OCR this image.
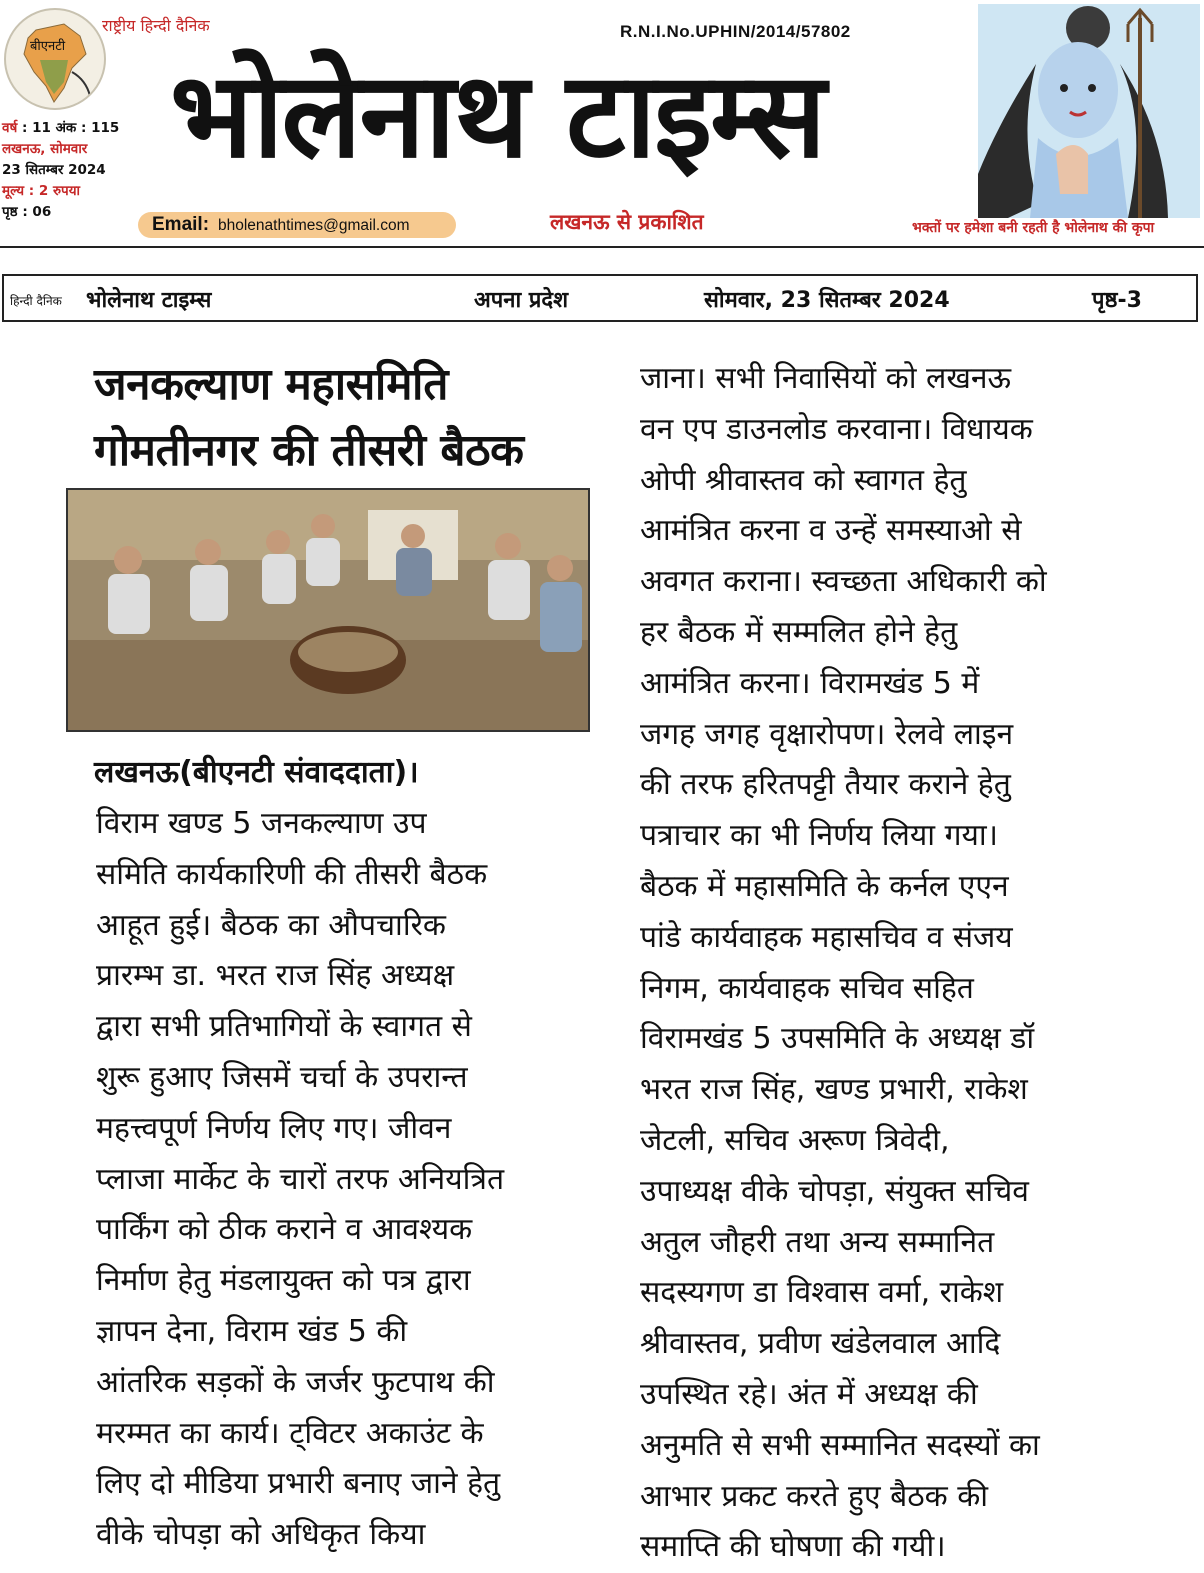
बीएनटी
राष्ट्रीय हिन्दी दैनिक	R.N.I.No.UPHIN/2014/57802
भोलेनाथ टाइम्स
वर्ष : 11 अंक : 115
लखनऊ, सोमवार
23 सितम्बर 2024
मूल्य : 2 रुपया
पृष्ठ : 06
Email: bholenathtimes@gmail.com	लखनऊ से प्रकाशित	भक्तों पर हमेशा बनी रहती है भोलेनाथ की कृपा
हिन्दी दैनिक भोलेनाथ टाइम्स	अपना प्रदेश	सोमवार, 23 सितम्बर 2024	पृष्ठ-3
जनकल्याण महासमिति
गोमतीनगर की तीसरी बैठक
लखनऊ(बीएनटी संवाददाता)।
विराम खण्ड 5 जनकल्याण उप
समिति कार्यकारिणी की तीसरी बैठक
आहूत हुई। बैठक का औपचारिक
प्रारम्भ डा. भरत राज सिंह अध्यक्ष
द्वारा सभी प्रतिभागियों के स्वागत से
शुरू हुआए जिसमें चर्चा के उपरान्त
महत्त्वपूर्ण निर्णय लिए गए। जीवन
प्लाजा मार्केट के चारों तरफ अनियत्रित
पार्किंग को ठीक कराने व आवश्यक
निर्माण हेतु मंडलायुक्त को पत्र द्वारा
ज्ञापन देना, विराम खंड 5 की
आंतरिक सड़कों के जर्जर फुटपाथ की
मरम्मत का कार्य। ट्विटर अकाउंट के
लिए दो मीडिया प्रभारी बनाए जाने हेतु
वीके चोपड़ा को अधिकृत किया
जाना। सभी निवासियों को लखनऊ
वन एप डाउनलोड करवाना। विधायक
ओपी श्रीवास्तव को स्वागत हेतु
आमंत्रित करना व उन्हें समस्याओ से
अवगत कराना। स्वच्छता अधिकारी को
हर बैठक में सम्मलित होने हेतु
आमंत्रित करना। विरामखंड 5 में
जगह जगह वृक्षारोपण। रेलवे लाइन
की तरफ हरितपट्टी तैयार कराने हेतु
पत्राचार का भी निर्णय लिया गया।
बैठक में महासमिति के कर्नल एएन
पांडे कार्यवाहक महासचिव व संजय
निगम, कार्यवाहक सचिव सहित
विरामखंड 5 उपसमिति के अध्यक्ष डॉ
भरत राज सिंह, खण्ड प्रभारी, राकेश
जेटली, सचिव अरूण त्रिवेदी,
उपाध्यक्ष वीके चोपड़ा, संयुक्त सचिव
अतुल जौहरी तथा अन्य सम्मानित
सदस्यगण डा विश्वास वर्मा, राकेश
श्रीवास्तव, प्रवीण खंडेलवाल आदि
उपस्थित रहे। अंत में अध्यक्ष की
अनुमति से सभी सम्मानित सदस्यों का
आभार प्रकट करते हुए बैठक की
समाप्ति की घोषणा की गयी।
